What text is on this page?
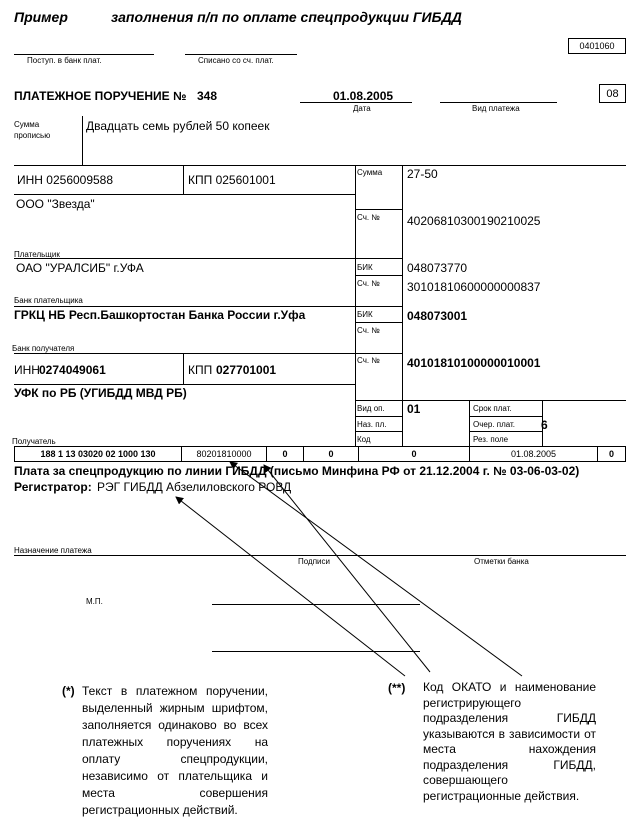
Пример	заполнения п/п по оплате спецпродукции ГИБДД
0401060
Поступ. в банк плат.	Списано со сч. плат.
ПЛАТЕЖНОЕ ПОРУЧЕНИЕ № 348	01.08.2005
Дата	Вид платежа
08
Сумма прописью
Двадцать семь рублей 50 копеек
ИНН 0256009588	КПП 025601001
ООО "Звезда"
Плательщик
Сумма 27-50
Сч. № 40206810300190210025
ОАО "УРАЛСИБ" г.УФА
Банк плательщика
БИК	048073770
Сч. № 30101810600000000837
ГРКЦ НБ Респ.Башкортостан Банка России г.Уфа
Банк получателя
БИК	048073001
Сч. №
ИНН 0274049061	КПП 027701001
УФК по РБ (УГИБДД МВД РБ)
Получатель
Сч. № 40101810100000010001
Вид оп. 01
Наз. пл.
Код
Срок плат.
Очер. плат. 6
Рез. поле
188 1 13 03020 02 1000 130	80201810000	0	0	0	01.08.2005	0
Плата за спецпродукцию по линии ГИБДД (письмо Минфина РФ от 21.12.2004 г. № 03-06-03-02)
Регистратор: РЭГ ГИБДД Абзелиловского РОВД
Назначение платежа
Подписи	Отметки банка
М.П.
(*) Текст в платежном поручении, выделенный жирным шрифтом, заполняется одинаково во всех платежных поручениях на оплату спецпродукции, независимо от плательщика и места совершения регистрационных действий.
(**) Код ОКАТО и наименование регистрирующего подразделения ГИБДД указываются в зависимости от места нахождения подразделения ГИБДД, совершающего регистрационные действия.
